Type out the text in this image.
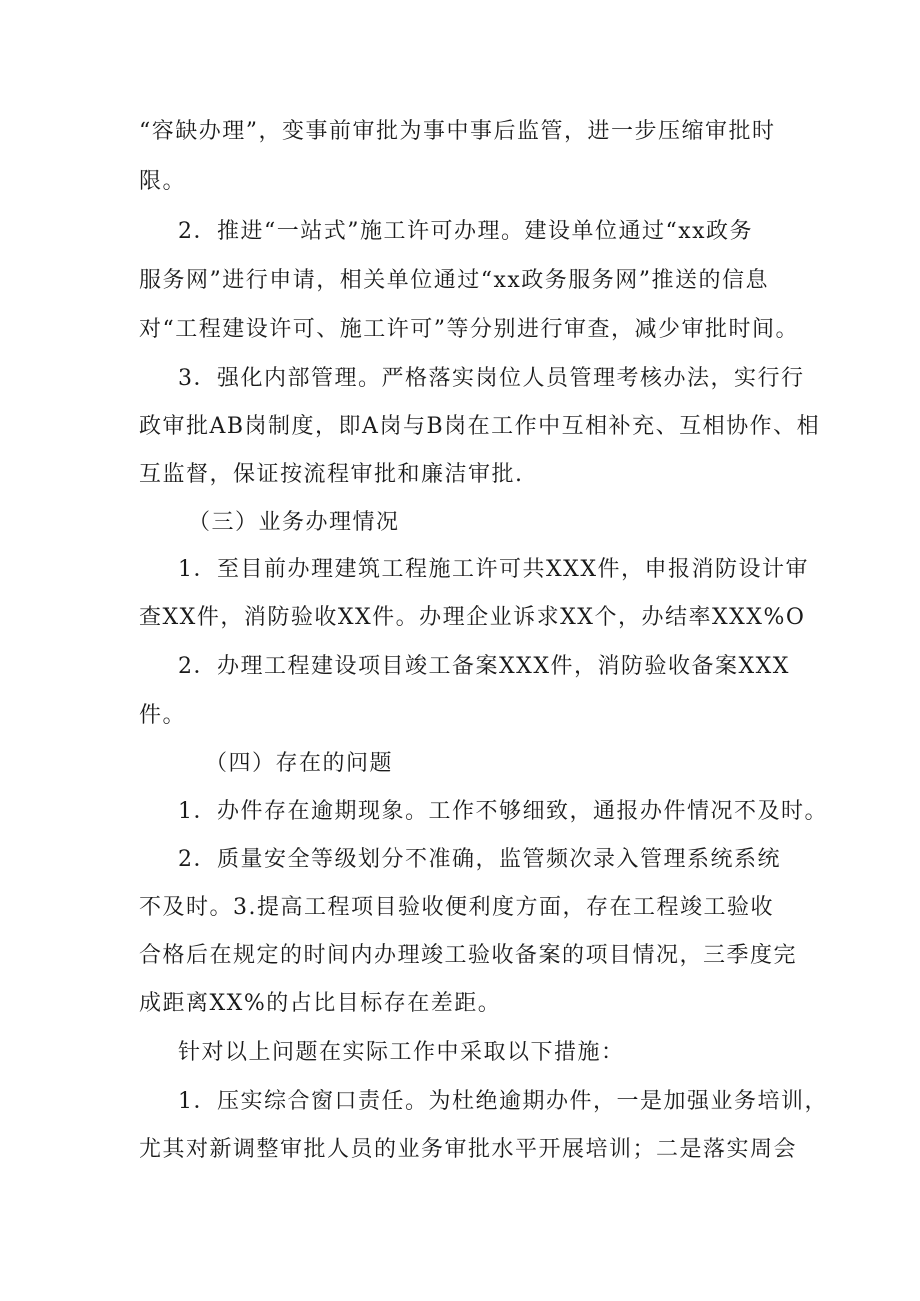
“容缺办理”，变事前审批为事中事后监管，进一步压缩审批时

限。

2．推进“一站式”施工许可办理。建设单位通过“xx政务

服务网”进行申请，相关单位通过“xx政务服务网”推送的信息

对“工程建设许可、施工许可”等分别进行审查，减少审批时间。

3．强化内部管理。严格落实岗位人员管理考核办法，实行行

政审批AB岗制度，即A岗与B岗在工作中互相补充、互相协作、相

互监督，保证按流程审批和廉洁审批.

（三）业务办理情况

1．至目前办理建筑工程施工许可共XXX件，申报消防设计审

查XX件，消防验收XX件。办理企业诉求XX个，办结率XXX%O

2．办理工程建设项目竣工备案XXX件，消防验收备案XXX

件。

（四）存在的问题

1．办件存在逾期现象。工作不够细致，通报办件情况不及时。

2．质量安全等级划分不准确，监管频次录入管理系统系统

不及时。3.提高工程项目验收便利度方面，存在工程竣工验收

合格后在规定的时间内办理竣工验收备案的项目情况，三季度完

成距离XX%的占比目标存在差距。

针对以上问题在实际工作中采取以下措施：

1．压实综合窗口责任。为杜绝逾期办件，一是加强业务培训，

尤其对新调整审批人员的业务审批水平开展培训；二是落实周会
